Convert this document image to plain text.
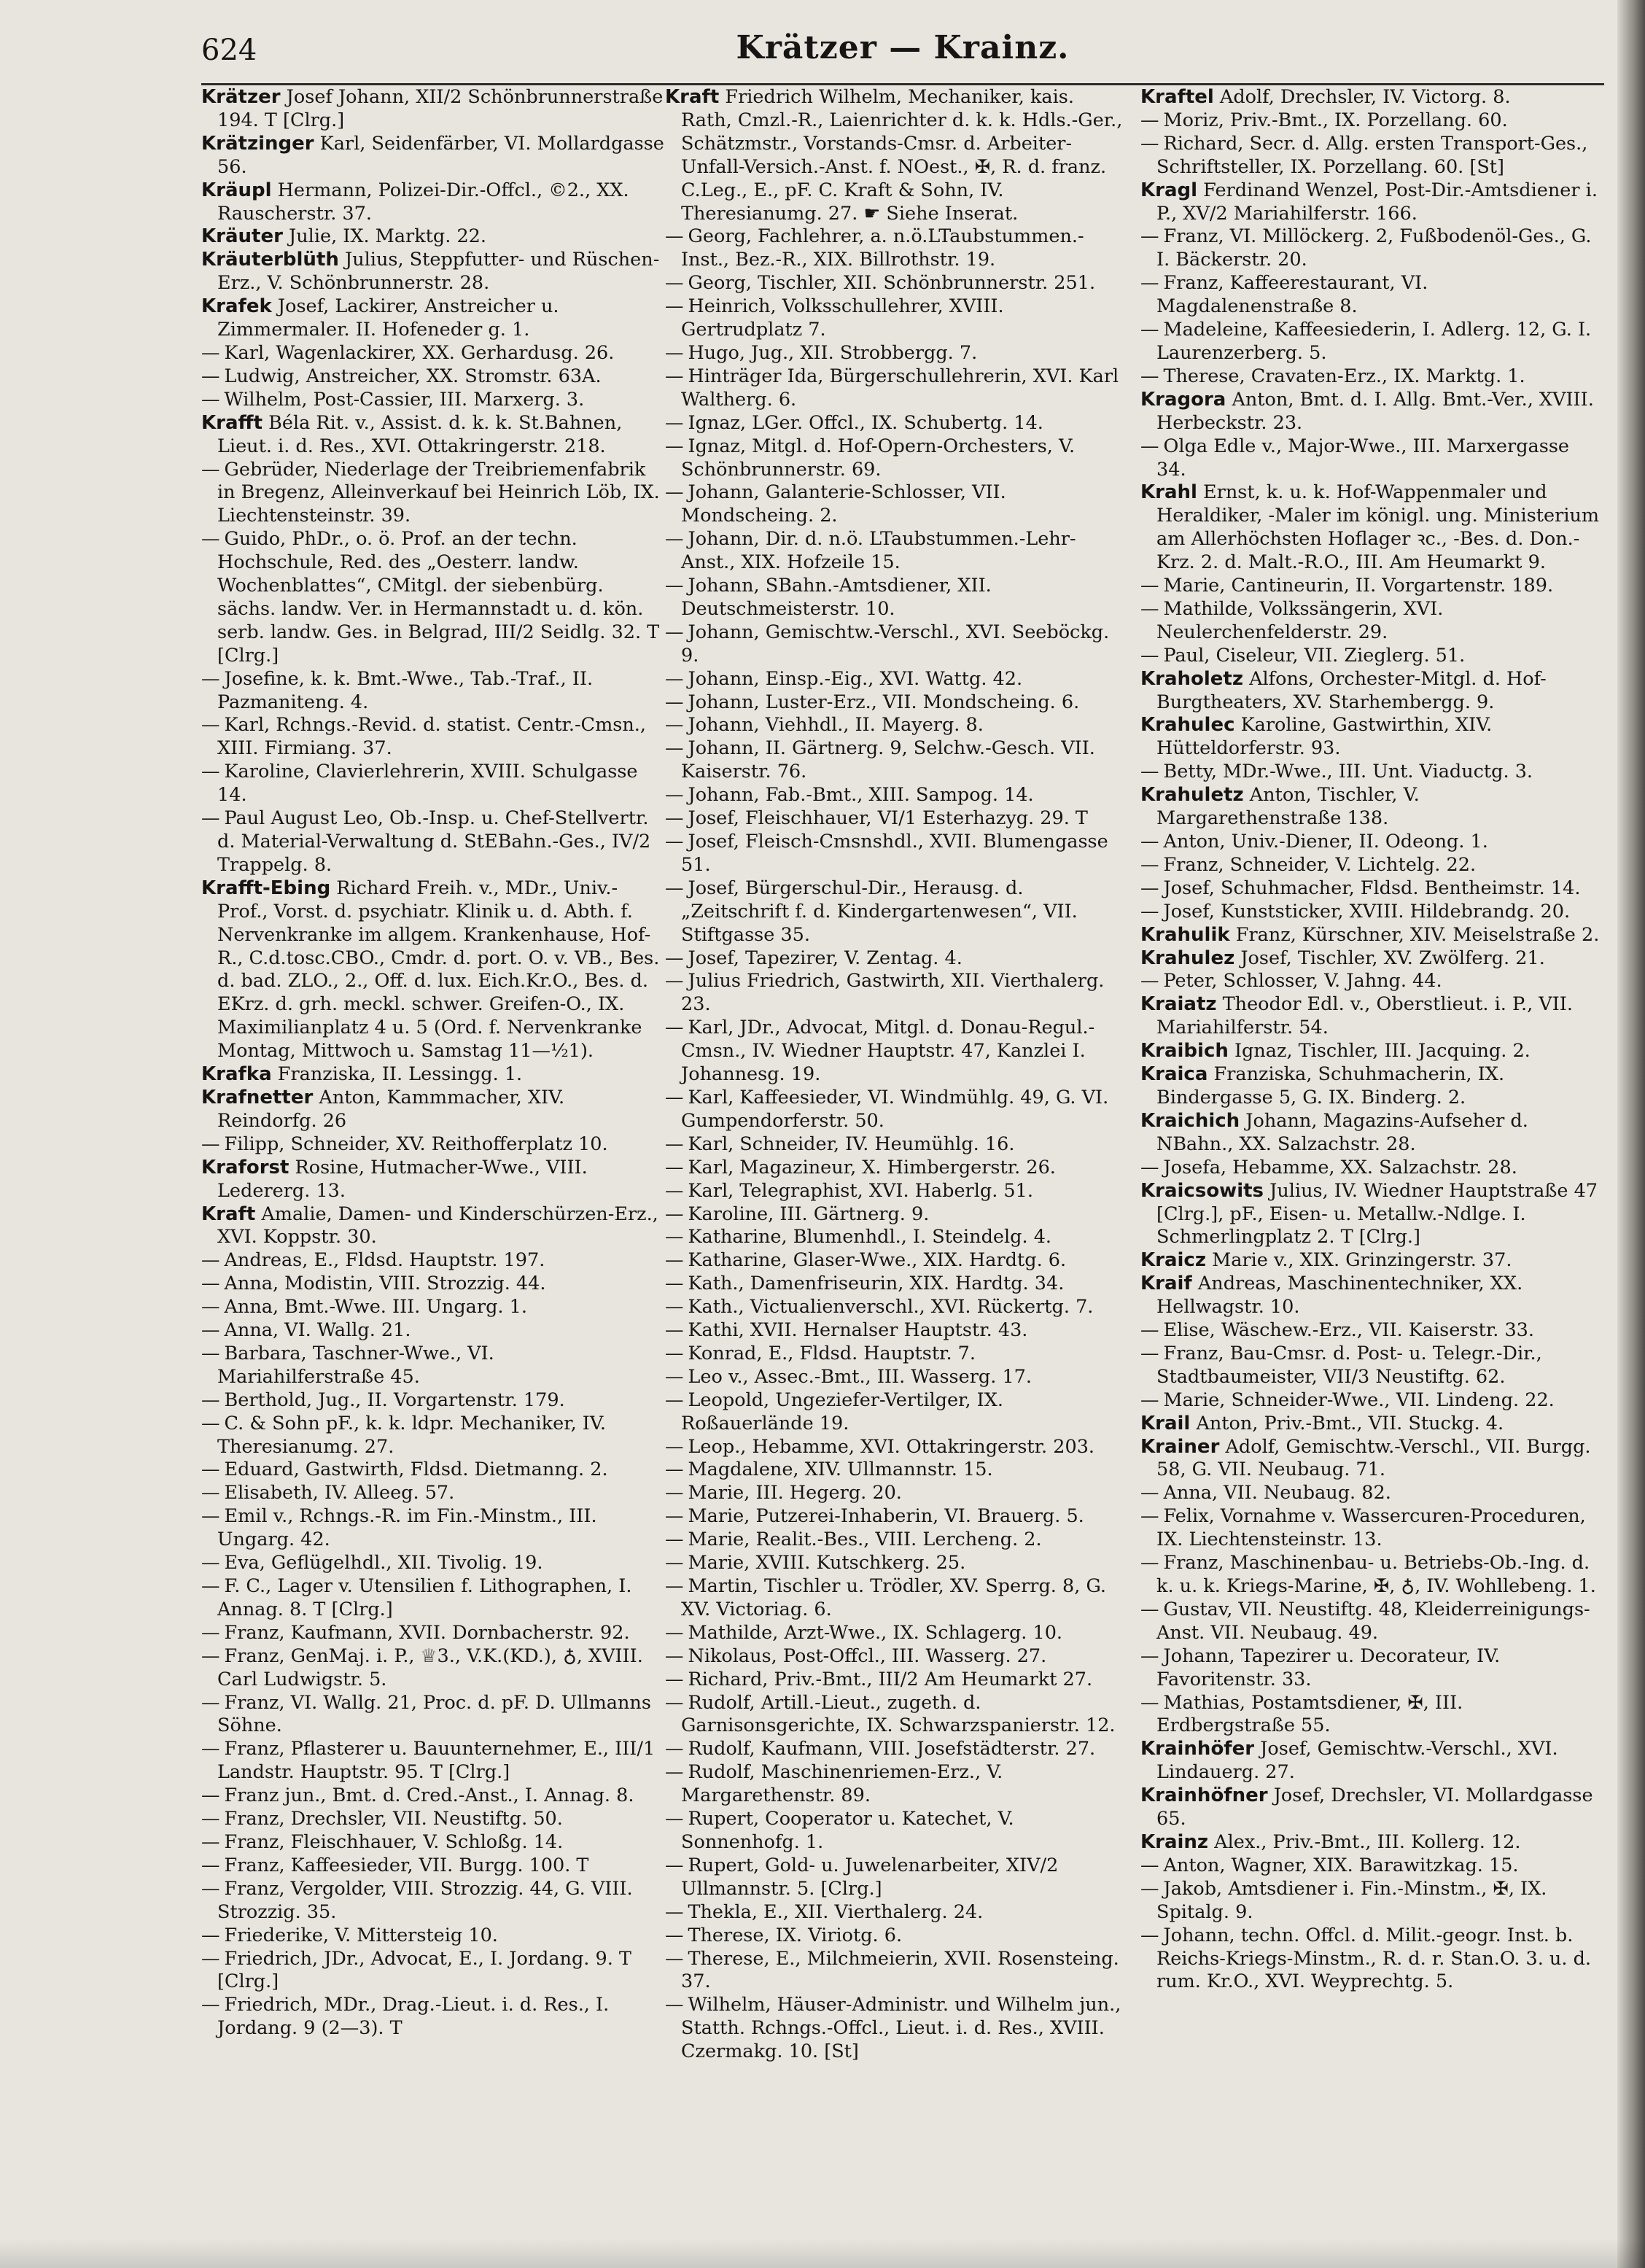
624	Krätzer — Krainz.

Krätzer Josef Johann, XII/2 Schönbrunnerstraße 194. T [Clrg.]

Krätzinger Karl, Seidenfärber, VI. Mollardgasse 56.

Kräupl Hermann, Polizei-Dir.-Offcl., ©2., XX. Rauscherstr. 37.

Kräuter Julie, IX. Marktg. 22.

Kräuterblüth Julius, Steppfutter- und Rüschen-Erz., V. Schönbrunnerstr. 28.

Krafek Josef, Lackirer, Anstreicher u. Zimmermaler. II. Hofeneder g. 1.

— Karl, Wagenlackirer, XX. Gerhardusg. 26.

— Ludwig, Anstreicher, XX. Stromstr. 63A.

— Wilhelm, Post-Cassier, III. Marxerg. 3.

Krafft Béla Rit. v., Assist. d. k. k. St.Bahnen, Lieut. i. d. Res., XVI. Ottakringerstr. 218.

— Gebrüder, Niederlage der Treibriemenfabrik in Bregenz, Alleinverkauf bei Heinrich Löb, IX. Liechtensteinstr. 39.

— Guido, PhDr., o. ö. Prof. an der techn. Hochschule, Red. des „Oesterr. landw. Wochenblattes“, CMitgl. der siebenbürg. sächs. landw. Ver. in Hermannstadt u. d. kön. serb. landw. Ges. in Belgrad, III/2 Seidlg. 32. T [Clrg.]

— Josefine, k. k. Bmt.-Wwe., Tab.-Traf., II. Pazmaniteng. 4.

— Karl, Rchngs.-Revid. d. statist. Centr.-Cmsn., XIII. Firmiang. 37.

— Karoline, Clavierlehrerin, XVIII. Schulgasse 14.

— Paul August Leo, Ob.-Insp. u. Chef-Stellvertr. d. Material-Verwaltung d. StEBahn.-Ges., IV/2 Trappelg. 8.

Krafft-Ebing Richard Freih. v., MDr., Univ.-Prof., Vorst. d. psychiatr. Klinik u. d. Abth. f. Nervenkranke im allgem. Krankenhause, Hof-R., C.d.tosc.CBO., Cmdr. d. port. O. v. VB., Bes. d. bad. ZLO., 2., Off. d. lux. Eich.Kr.O., Bes. d. EKrz. d. grh. meckl. schwer. Greifen-O., IX. Maximilianplatz 4 u. 5 (Ord. f. Nervenkranke Montag, Mittwoch u. Samstag 11—½1).

Krafka Franziska, II. Lessingg. 1.

Krafnetter Anton, Kammmacher, XIV. Reindorfg. 26

— Filipp, Schneider, XV. Reithofferplatz 10.

Kraforst Rosine, Hutmacher-Wwe., VIII. Ledererg. 13.

Kraft Amalie, Damen- und Kinderschürzen-Erz., XVI. Koppstr. 30.

— Andreas, E., Fldsd. Hauptstr. 197.

— Anna, Modistin, VIII. Strozzig. 44.

— Anna, Bmt.-Wwe. III. Ungarg. 1.

— Anna, VI. Wallg. 21.

— Barbara, Taschner-Wwe., VI. Mariahilferstraße 45.

— Berthold, Jug., II. Vorgartenstr. 179.

— C. & Sohn pF., k. k. ldpr. Mechaniker, IV. Theresianumg. 27.

— Eduard, Gastwirth, Fldsd. Dietmanng. 2.

— Elisabeth, IV. Alleeg. 57.

— Emil v., Rchngs.-R. im Fin.-Minstm., III. Ungarg. 42.

— Eva, Geflügelhdl., XII. Tivolig. 19.

— F. C., Lager v. Utensilien f. Lithographen, I. Annag. 8. T [Clrg.]

— Franz, Kaufmann, XVII. Dornbacherstr. 92.

— Franz, GenMaj. i. P., ♕3., V.K.(KD.), ♁, XVIII. Carl Ludwigstr. 5.

— Franz, VI. Wallg. 21, Proc. d. pF. D. Ullmanns Söhne.

— Franz, Pflasterer u. Bauunternehmer, E., III/1 Landstr. Hauptstr. 95. T [Clrg.]

— Franz jun., Bmt. d. Cred.-Anst., I. Annag. 8.

— Franz, Drechsler, VII. Neustiftg. 50.

— Franz, Fleischhauer, V. Schloßg. 14.

— Franz, Kaffeesieder, VII. Burgg. 100. T

— Franz, Vergolder, VIII. Strozzig. 44, G. VIII. Strozzig. 35.

— Friederike, V. Mittersteig 10.

— Friedrich, JDr., Advocat, E., I. Jordang. 9. T [Clrg.]

— Friedrich, MDr., Drag.-Lieut. i. d. Res., I. Jordang. 9 (2—3). T

Kraft Friedrich Wilhelm, Mechaniker, kais. Rath, Cmzl.-R., Laienrichter d. k. k. Hdls.-Ger., Schätzmstr., Vorstands-Cmsr. d. Arbeiter-Unfall-Versich.-Anst. f. NOest., ✠, R. d. franz. C.Leg., E., pF. C. Kraft & Sohn, IV. Theresianumg. 27. ☛ Siehe Inserat.

— Georg, Fachlehrer, a. n.ö.LTaubstummen.-Inst., Bez.-R., XIX. Billrothstr. 19.

— Georg, Tischler, XII. Schönbrunnerstr. 251.

— Heinrich, Volksschullehrer, XVIII. Gertrudplatz 7.

— Hugo, Jug., XII. Strobbergg. 7.

— Hinträger Ida, Bürgerschullehrerin, XVI. Karl Waltherg. 6.

— Ignaz, LGer. Offcl., IX. Schubertg. 14.

— Ignaz, Mitgl. d. Hof-Opern-Orchesters, V. Schönbrunnerstr. 69.

— Johann, Galanterie-Schlosser, VII. Mondscheing. 2.

— Johann, Dir. d. n.ö. LTaubstummen.-Lehr-Anst., XIX. Hofzeile 15.

— Johann, SBahn.-Amtsdiener, XII. Deutschmeisterstr. 10.

— Johann, Gemischtw.-Verschl., XVI. Seeböckg. 9.

— Johann, Einsp.-Eig., XVI. Wattg. 42.

— Johann, Luster-Erz., VII. Mondscheing. 6.

— Johann, Viehhdl., II. Mayerg. 8.

— Johann, II. Gärtnerg. 9, Selchw.-Gesch. VII. Kaiserstr. 76.

— Johann, Fab.-Bmt., XIII. Sampog. 14.

— Josef, Fleischhauer, VI/1 Esterhazyg. 29. T

— Josef, Fleisch-Cmsnshdl., XVII. Blumengasse 51.

— Josef, Bürgerschul-Dir., Herausg. d. „Zeitschrift f. d. Kindergartenwesen“, VII. Stiftgasse 35.

— Josef, Tapezirer, V. Zentag. 4.

— Julius Friedrich, Gastwirth, XII. Vierthalerg. 23.

— Karl, JDr., Advocat, Mitgl. d. Donau-Regul.-Cmsn., IV. Wiedner Hauptstr. 47, Kanzlei I. Johannesg. 19.

— Karl, Kaffeesieder, VI. Windmühlg. 49, G. VI. Gumpendorferstr. 50.

— Karl, Schneider, IV. Heumühlg. 16.

— Karl, Magazineur, X. Himbergerstr. 26.

— Karl, Telegraphist, XVI. Haberlg. 51.

— Karoline, III. Gärtnerg. 9.

— Katharine, Blumenhdl., I. Steindelg. 4.

— Katharine, Glaser-Wwe., XIX. Hardtg. 6.

— Kath., Damenfriseurin, XIX. Hardtg. 34.

— Kath., Victualienverschl., XVI. Rückertg. 7.

— Kathi, XVII. Hernalser Hauptstr. 43.

— Konrad, E., Fldsd. Hauptstr. 7.

— Leo v., Assec.-Bmt., III. Wasserg. 17.

— Leopold, Ungeziefer-Vertilger, IX. Roßauerlände 19.

— Leop., Hebamme, XVI. Ottakringerstr. 203.

— Magdalene, XIV. Ullmannstr. 15.

— Marie, III. Hegerg. 20.

— Marie, Putzerei-Inhaberin, VI. Brauerg. 5.

— Marie, Realit.-Bes., VIII. Lercheng. 2.

— Marie, XVIII. Kutschkerg. 25.

— Martin, Tischler u. Trödler, XV. Sperrg. 8, G. XV. Victoriag. 6.

— Mathilde, Arzt-Wwe., IX. Schlagerg. 10.

— Nikolaus, Post-Offcl., III. Wasserg. 27.

— Richard, Priv.-Bmt., III/2 Am Heumarkt 27.

— Rudolf, Artill.-Lieut., zugeth. d. Garnisonsgerichte, IX. Schwarzspanierstr. 12.

— Rudolf, Kaufmann, VIII. Josefstädterstr. 27.

— Rudolf, Maschinenriemen-Erz., V. Margarethenstr. 89.

— Rupert, Cooperator u. Katechet, V. Sonnenhofg. 1.

— Rupert, Gold- u. Juwelenarbeiter, XIV/2 Ullmannstr. 5. [Clrg.]

— Thekla, E., XII. Vierthalerg. 24.

— Therese, IX. Viriotg. 6.

— Therese, E., Milchmeierin, XVII. Rosensteing. 37.

— Wilhelm, Häuser-Administr. und Wilhelm jun., Statth. Rchngs.-Offcl., Lieut. i. d. Res., XVIII. Czermakg. 10. [St]

Kraftel Adolf, Drechsler, IV. Victorg. 8.

— Moriz, Priv.-Bmt., IX. Porzellang. 60.

— Richard, Secr. d. Allg. ersten Transport-Ges., Schriftsteller, IX. Porzellang. 60. [St]

Kragl Ferdinand Wenzel, Post-Dir.-Amtsdiener i. P., XV/2 Mariahilferstr. 166.

— Franz, VI. Millöckerg. 2, Fußbodenöl-Ges., G. I. Bäckerstr. 20.

— Franz, Kaffeerestaurant, VI. Magdalenenstraße 8.

— Madeleine, Kaffeesiederin, I. Adlerg. 12, G. I. Laurenzerberg. 5.

— Therese, Cravaten-Erz., IX. Marktg. 1.

Kragora Anton, Bmt. d. I. Allg. Bmt.-Ver., XVIII. Herbeckstr. 23.

— Olga Edle v., Major-Wwe., III. Marxergasse 34.

Krahl Ernst, k. u. k. Hof-Wappenmaler und Heraldiker, -Maler im königl. ung. Ministerium am Allerhöchsten Hoflager ꝛc., -Bes. d. Don.-Krz. 2. d. Malt.-R.O., III. Am Heumarkt 9.

— Marie, Cantineurin, II. Vorgartenstr. 189.

— Mathilde, Volkssängerin, XVI. Neulerchenfelderstr. 29.

— Paul, Ciseleur, VII. Zieglerg. 51.

Kraholetz Alfons, Orchester-Mitgl. d. Hof-Burgtheaters, XV. Starhembergg. 9.

Krahulec Karoline, Gastwirthin, XIV. Hütteldorferstr. 93.

— Betty, MDr.-Wwe., III. Unt. Viaductg. 3.

Krahuletz Anton, Tischler, V. Margarethenstraße 138.

— Anton, Univ.-Diener, II. Odeong. 1.

— Franz, Schneider, V. Lichtelg. 22.

— Josef, Schuhmacher, Fldsd. Bentheimstr. 14.

— Josef, Kunststicker, XVIII. Hildebrandg. 20.

Krahulik Franz, Kürschner, XIV. Meiselstraße 2.

Krahulez Josef, Tischler, XV. Zwölferg. 21.

— Peter, Schlosser, V. Jahng. 44.

Kraiatz Theodor Edl. v., Oberstlieut. i. P., VII. Mariahilferstr. 54.

Kraibich Ignaz, Tischler, III. Jacquing. 2.

Kraica Franziska, Schuhmacherin, IX. Bindergasse 5, G. IX. Binderg. 2.

Kraichich Johann, Magazins-Aufseher d. NBahn., XX. Salzachstr. 28.

— Josefa, Hebamme, XX. Salzachstr. 28.

Kraicsowits Julius, IV. Wiedner Hauptstraße 47 [Clrg.], pF., Eisen- u. Metallw.-Ndlge. I. Schmerlingplatz 2. T [Clrg.]

Kraicz Marie v., XIX. Grinzingerstr. 37.

Kraif Andreas, Maschinentechniker, XX. Hellwagstr. 10.

— Elise, Wäschew.-Erz., VII. Kaiserstr. 33.

— Franz, Bau-Cmsr. d. Post- u. Telegr.-Dir., Stadtbaumeister, VII/3 Neustiftg. 62.

— Marie, Schneider-Wwe., VII. Lindeng. 22.

Krail Anton, Priv.-Bmt., VII. Stuckg. 4.

Krainer Adolf, Gemischtw.-Verschl., VII. Burgg. 58, G. VII. Neubaug. 71.

— Anna, VII. Neubaug. 82.

— Felix, Vornahme v. Wassercuren-Proceduren, IX. Liechtensteinstr. 13.

— Franz, Maschinenbau- u. Betriebs-Ob.-Ing. d. k. u. k. Kriegs-Marine, ✠, ♁, IV. Wohllebeng. 1.

— Gustav, VII. Neustiftg. 48, Kleiderreinigungs-Anst. VII. Neubaug. 49.

— Johann, Tapezirer u. Decorateur, IV. Favoritenstr. 33.

— Mathias, Postamtsdiener, ✠, III. Erdbergstraße 55.

Krainhöfer Josef, Gemischtw.-Verschl., XVI. Lindauerg. 27.

Krainhöfner Josef, Drechsler, VI. Mollardgasse 65.

Krainz Alex., Priv.-Bmt., III. Kollerg. 12.

— Anton, Wagner, XIX. Barawitzkag. 15.

— Jakob, Amtsdiener i. Fin.-Minstm., ✠, IX. Spitalg. 9.

— Johann, techn. Offcl. d. Milit.-geogr. Inst. b. Reichs-Kriegs-Minstm., R. d. r. Stan.O. 3. u. d. rum. Kr.O., XVI. Weyprechtg. 5.
